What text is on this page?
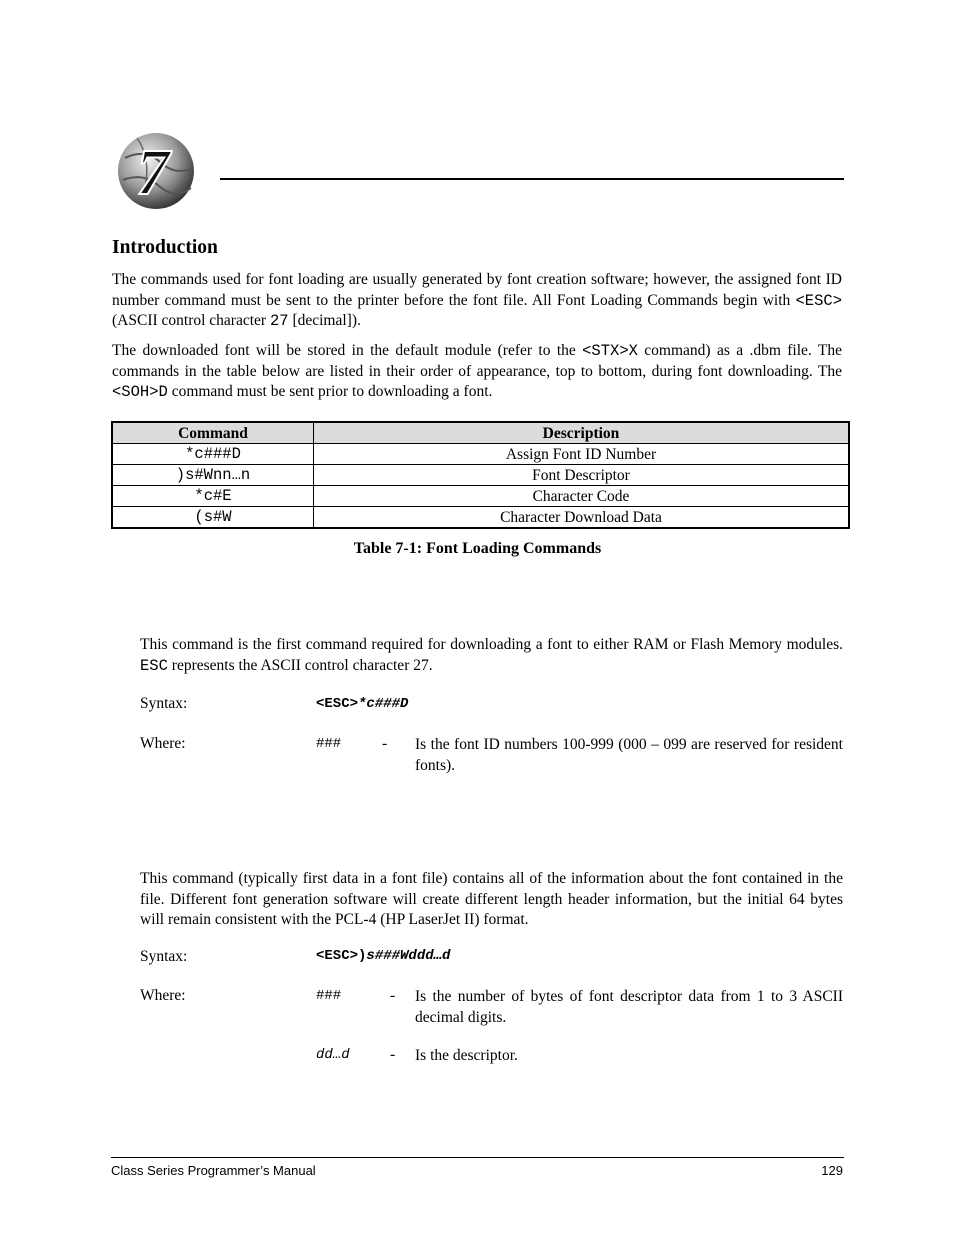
7
Introduction
The commands used for font loading are usually generated by font creation software; however, the assigned font ID number command must be sent to the printer before the font file. All Font Loading Commands begin with <ESC> (ASCII control character 27 [decimal]).
The downloaded font will be stored in the default module (refer to the <STX>X command) as a .dbm file. The commands in the table below are listed in their order of appearance, top to bottom, during font downloading. The <SOH>D command must be sent prior to downloading a font.
Command	Description
*c###D	Assign Font ID Number
)s#Wnn…n	Font Descriptor
*c#E	Character Code
(s#W	Character Download Data
Table 7-1: Font Loading Commands
This command is the first command required for downloading a font to either RAM or Flash Memory modules. ESC represents the ASCII control character 27.
Syntax:	<ESC>*c###D
Where:	###	- Is the font ID numbers 100-999 (000 – 099 are reserved for resident fonts).
This command (typically first data in a font file) contains all of the information about the font contained in the file. Different font generation software will create different length header information, but the initial 64 bytes will remain consistent with the PCL-4 (HP LaserJet II) format.
Syntax:	<ESC>)s###Wddd…d
Where:	###	- Is the number of bytes of font descriptor data from 1 to 3 ASCII decimal digits.
dd…d	- Is the descriptor.
Class Series Programmer’s Manual	129
